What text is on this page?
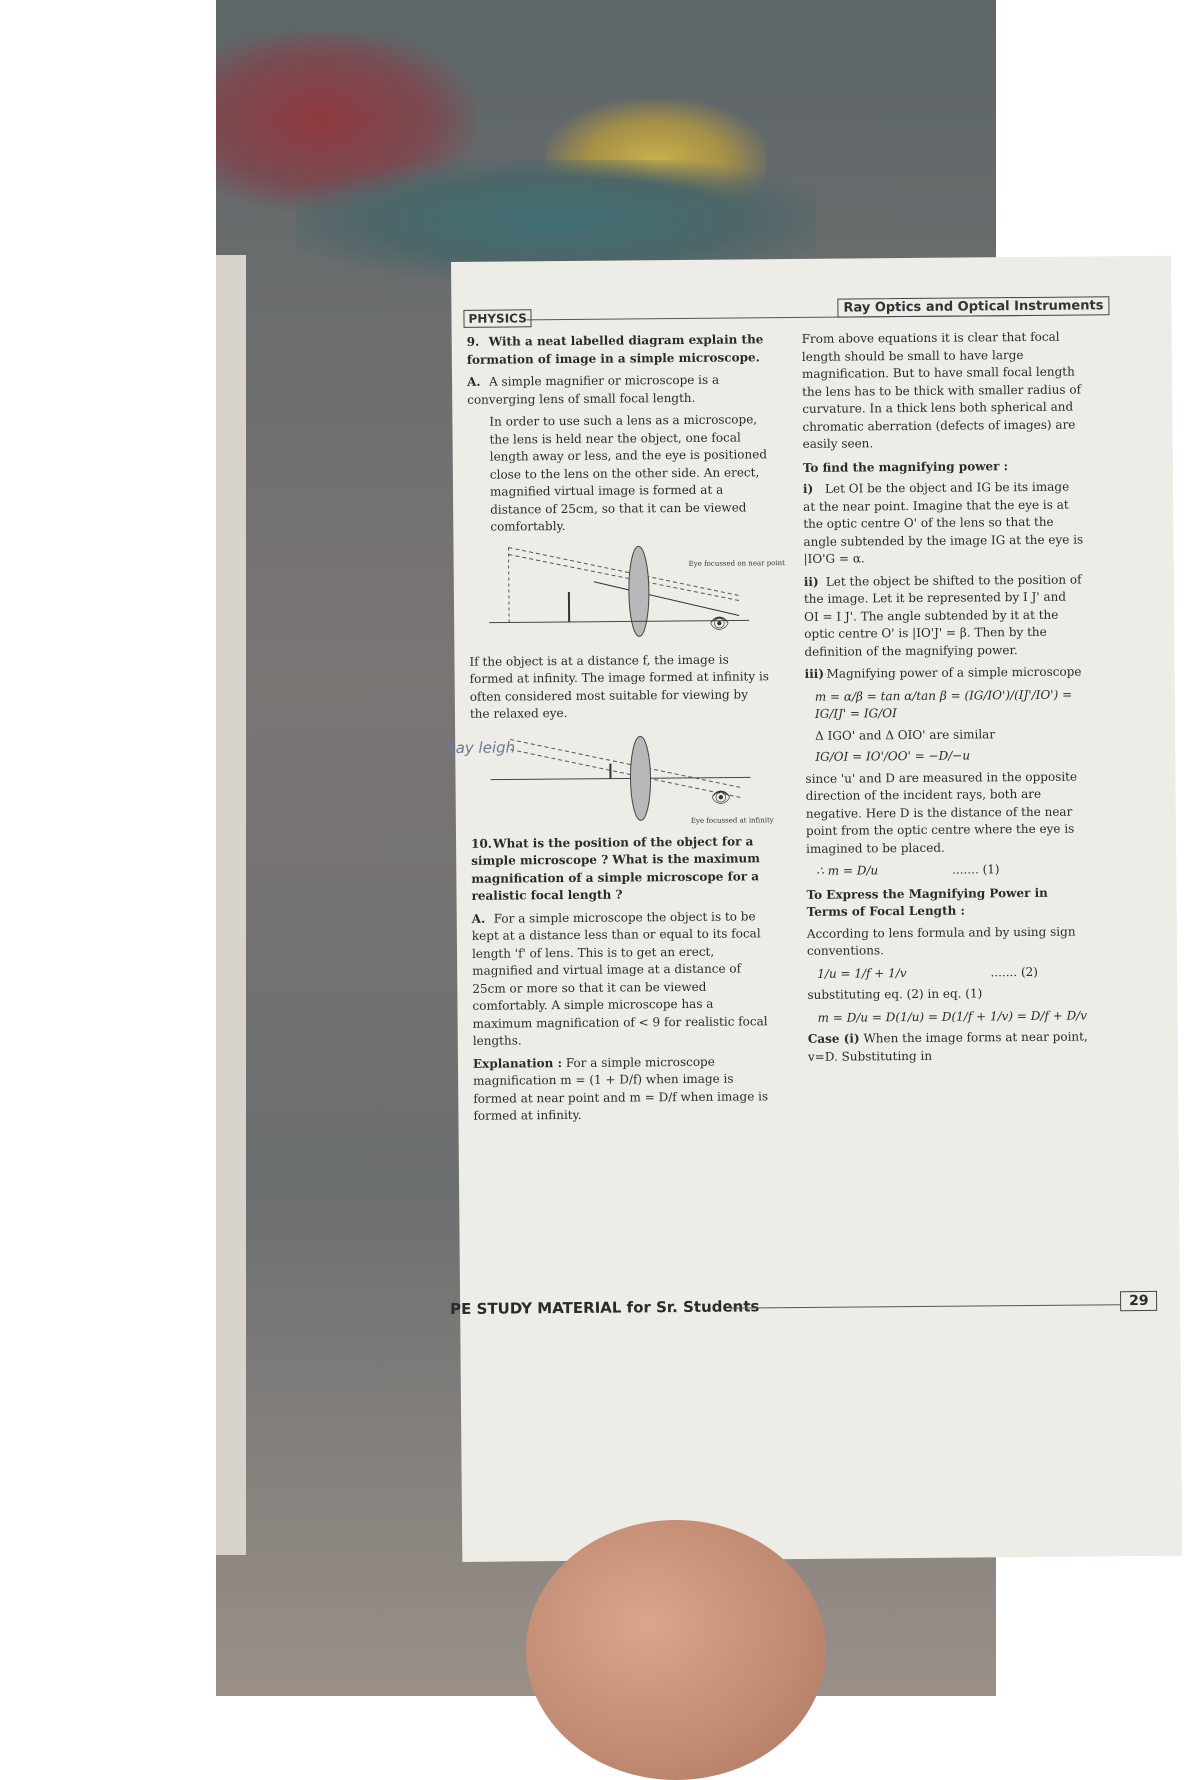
PHYSICS
Ray Optics and Optical Instruments
9. With a neat labelled diagram explain the formation of image in a simple microscope.
A. A simple magnifier or microscope is a converging lens of small focal length.
In order to use such a lens as a microscope, the lens is held near the object, one focal length away or less, and the eye is positioned close to the lens on the other side. An erect, magnified virtual image is formed at a distance of 25cm, so that it can be viewed comfortably.
👁
Eye focussed on near point
If the object is at a distance f, the image is formed at infinity. The image formed at infinity is often considered most suitable for viewing by the relaxed eye.
👁
Eye focussed at infinity
10.What is the position of the object for a simple microscope ? What is the maximum magnification of a simple microscope for a realistic focal length ?
A. For a simple microscope the object is to be kept at a distance less than or equal to its focal length 'f' of lens. This is to get an erect, magnified and virtual image at a distance of 25cm or more so that it can be viewed comfortably. A simple microscope has a maximum magnification of < 9 for realistic focal lengths.
Explanation : For a simple microscope magnification m = (1 + D/f) when image is formed at near point and m = D/f when image is formed at infinity.
Ray leigh
From above equations it is clear that focal length should be small to have large magnification. But to have small focal length the lens has to be thick with smaller radius of curvature. In a thick lens both spherical and chromatic aberration (defects of images) are easily seen.
To find the magnifying power :
i) Let OI be the object and IG be its image at the near point. Imagine that the eye is at the optic centre O' of the lens so that the angle subtended by the image IG at the eye is |IO'G = α.
ii) Let the object be shifted to the position of the image. Let it be represented by I J' and OI = I J'. The angle subtended by it at the optic centre O' is |IO'J' = β. Then by the definition of the magnifying power.
iii) Magnifying power of a simple microscope
m = α/β = tan α/tan β = (IG/IO')/(IJ'/IO') = IG/IJ' = IG/OI
Δ IGO' and Δ OIO' are similar
IG/OI = IO'/OO' = −D/−u
since 'u' and D are measured in the opposite direction of the incident rays, both are negative. Here D is the distance of the near point from the optic centre where the eye is imagined to be placed.
∴ m = D/u	....... (1)
To Express the Magnifying Power in Terms of Focal Length :
According to lens formula and by using sign conventions.
1/u = 1/f + 1/v	....... (2)
substituting eq. (2) in eq. (1)
m = D/u = D(1/u) = D(1/f + 1/v) = D/f + D/v
Case (i) When the image forms at near point, v=D. Substituting in
PE STUDY MATERIAL for Sr. Students	29
